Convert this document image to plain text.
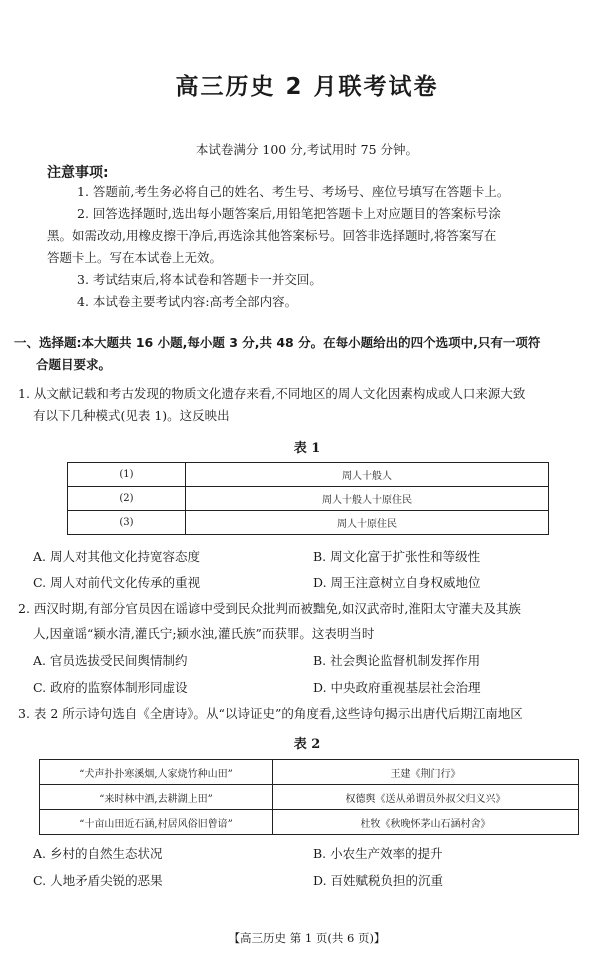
高三历史 2 月联考试卷
本试卷满分 100 分,考试用时 75 分钟。
注意事项:
1. 答题前,考生务必将自己的姓名、考生号、考场号、座位号填写在答题卡上。
2. 回答选择题时,选出每小题答案后,用铅笔把答题卡上对应题目的答案标号涂
黑。如需改动,用橡皮擦干净后,再选涂其他答案标号。回答非选择题时,将答案写在
答题卡上。写在本试卷上无效。
3. 考试结束后,将本试卷和答题卡一并交回。
4. 本试卷主要考试内容:高考全部内容。
一、选择题:本大题共 16 小题,每小题 3 分,共 48 分。在每小题给出的四个选项中,只有一项符
合题目要求。
1. 从文献记载和考古发现的物质文化遗存来看,不同地区的周人文化因素构成或人口来源大致
有以下几种模式(见表 1)。这反映出
表 1
(1)	周人十般人
(2)	周人十般人十原住民
(3)	周人十原住民
A. 周人对其他文化持宽容态度	B. 周文化富于扩张性和等级性
C. 周人对前代文化传承的重视	D. 周王注意树立自身权威地位
2. 西汉时期,有部分官员因在谣谚中受到民众批判而被黜免,如汉武帝时,淮阳太守灌夫及其族
人,因童谣“颍水清,灌氏宁;颍水浊,灌氏族”而获罪。这表明当时
A. 官员选拔受民间舆情制约	B. 社会舆论监督机制发挥作用
C. 政府的监察体制形同虚设	D. 中央政府重视基层社会治理
3. 表 2 所示诗句选自《全唐诗》。从“以诗证史”的角度看,这些诗句揭示出唐代后期江南地区
表 2
“犬声扑扑寒溪烟,人家烧竹种山田”	王建《荆门行》
“来时林中酒,去耕湖上田”	权德舆《送从弟谓员外叔父归义兴》
“十亩山田近石涵,村居风俗旧曾谙”	杜牧《秋晚怀茅山石涵村舍》
A. 乡村的自然生态状况	B. 小农生产效率的提升
C. 人地矛盾尖锐的恶果	D. 百姓赋税负担的沉重
【高三历史 第 1 页(共 6 页)】
